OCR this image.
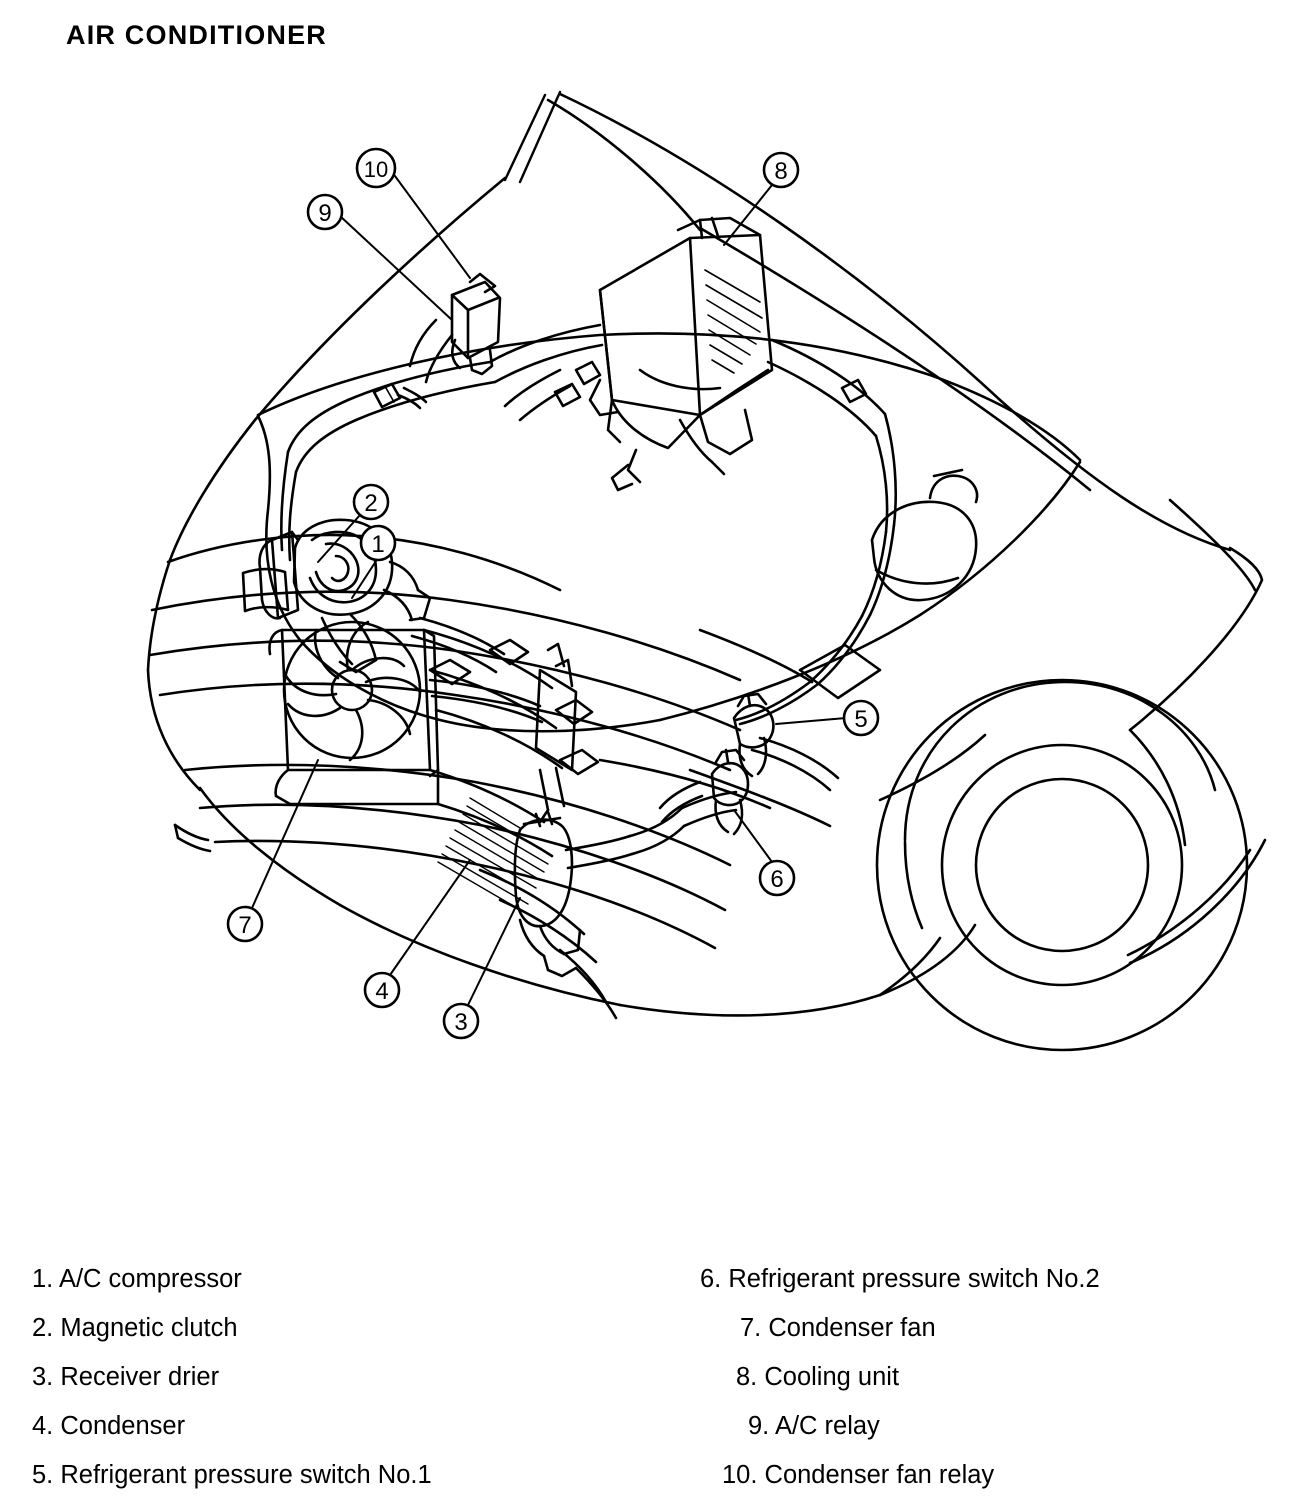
AIR CONDITIONER
1
2
3
4
5
6
7
8
9
10
1. A/C compressor
2. Magnetic clutch
3. Receiver drier
4. Condenser
5. Refrigerant pressure switch No.1
6. Refrigerant pressure switch No.2
7. Condenser fan
8. Cooling unit
9. A/C relay
10. Condenser fan relay
